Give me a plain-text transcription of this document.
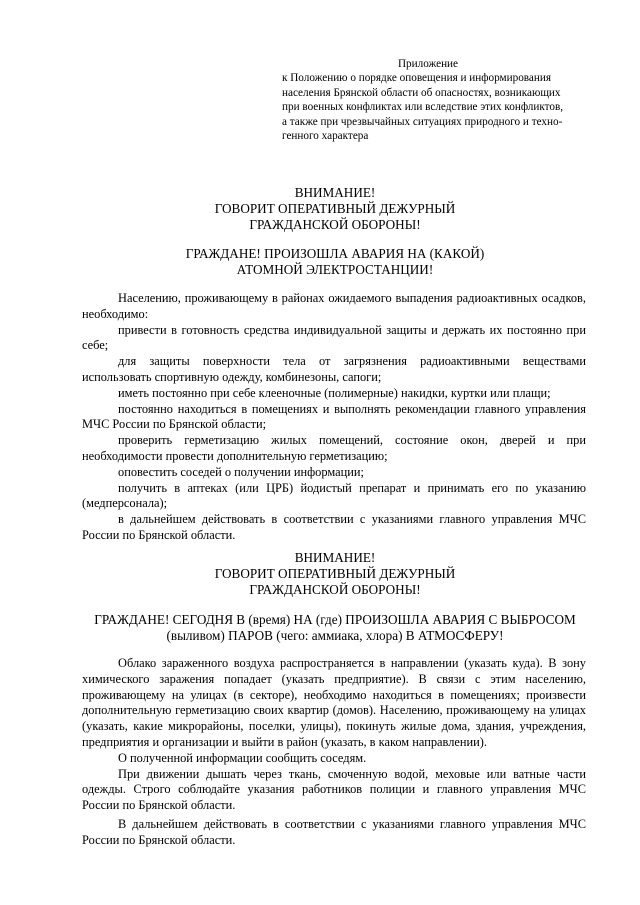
Приложение
к Положению о порядке оповещения и информирования
населения Брянской области об опасностях, возникающих
при военных конфликтах или вследствие этих конфликтов,
а также при чрезвычайных ситуациях природного и техно-
генного характера
ВНИМАНИЕ!
ГОВОРИТ ОПЕРАТИВНЫЙ ДЕЖУРНЫЙ
ГРАЖДАНСКОЙ ОБОРОНЫ!
ГРАЖДАНЕ! ПРОИЗОШЛА АВАРИЯ НА (КАКОЙ)
АТОМНОЙ ЭЛЕКТРОСТАНЦИИ!

Населению, проживающему в районах ожидаемого выпадения радиоактивных осадков, необходимо:

привести в готовность средства индивидуальной защиты и держать их постоянно при себе;

для защиты поверхности тела от загрязнения радиоактивными веществами использовать спортивную одежду, комбинезоны, сапоги;

иметь постоянно при себе клееночные (полимерные) накидки, куртки или плащи;

постоянно находиться в помещениях и выполнять рекомендации главного управления МЧС России по Брянской области;

проверить герметизацию жилых помещений, состояние окон, дверей и при необходимости провести дополнительную герметизацию;

оповестить соседей о получении информации;

получить в аптеках (или ЦРБ) йодистый препарат и принимать его по указанию (медперсонала);

в дальнейшем действовать в соответствии с указаниями главного управления МЧС России по Брянской области.

ВНИМАНИЕ!
ГОВОРИТ ОПЕРАТИВНЫЙ ДЕЖУРНЫЙ
ГРАЖДАНСКОЙ ОБОРОНЫ!
ГРАЖДАНЕ! СЕГОДНЯ В (время) НА (где) ПРОИЗОШЛА АВАРИЯ С ВЫБРОСОМ
(выливом) ПАРОВ (чего: аммиака, хлора) В АТМОСФЕРУ!

Облако зараженного воздуха распространяется в направлении (указать куда). В зону химического заражения попадает (указать предприятие). В связи с этим населению, проживающему на улицах (в секторе), необходимо находиться в помещениях; произвести дополнительную герметизацию своих квартир (домов). Населению, проживающему на улицах (указать, какие микрорайоны, поселки, улицы), покинуть жилые дома, здания, учреждения, предприятия и организации и выйти в район (указать, в каком направлении).

О полученной информации сообщить соседям.

При движении дышать через ткань, смоченную водой, меховые или ватные части одежды. Строго соблюдайте указания работников полиции и главного управления МЧС России по Брянской области.

В дальнейшем действовать в соответствии с указаниями главного управления МЧС России по Брянской области.
